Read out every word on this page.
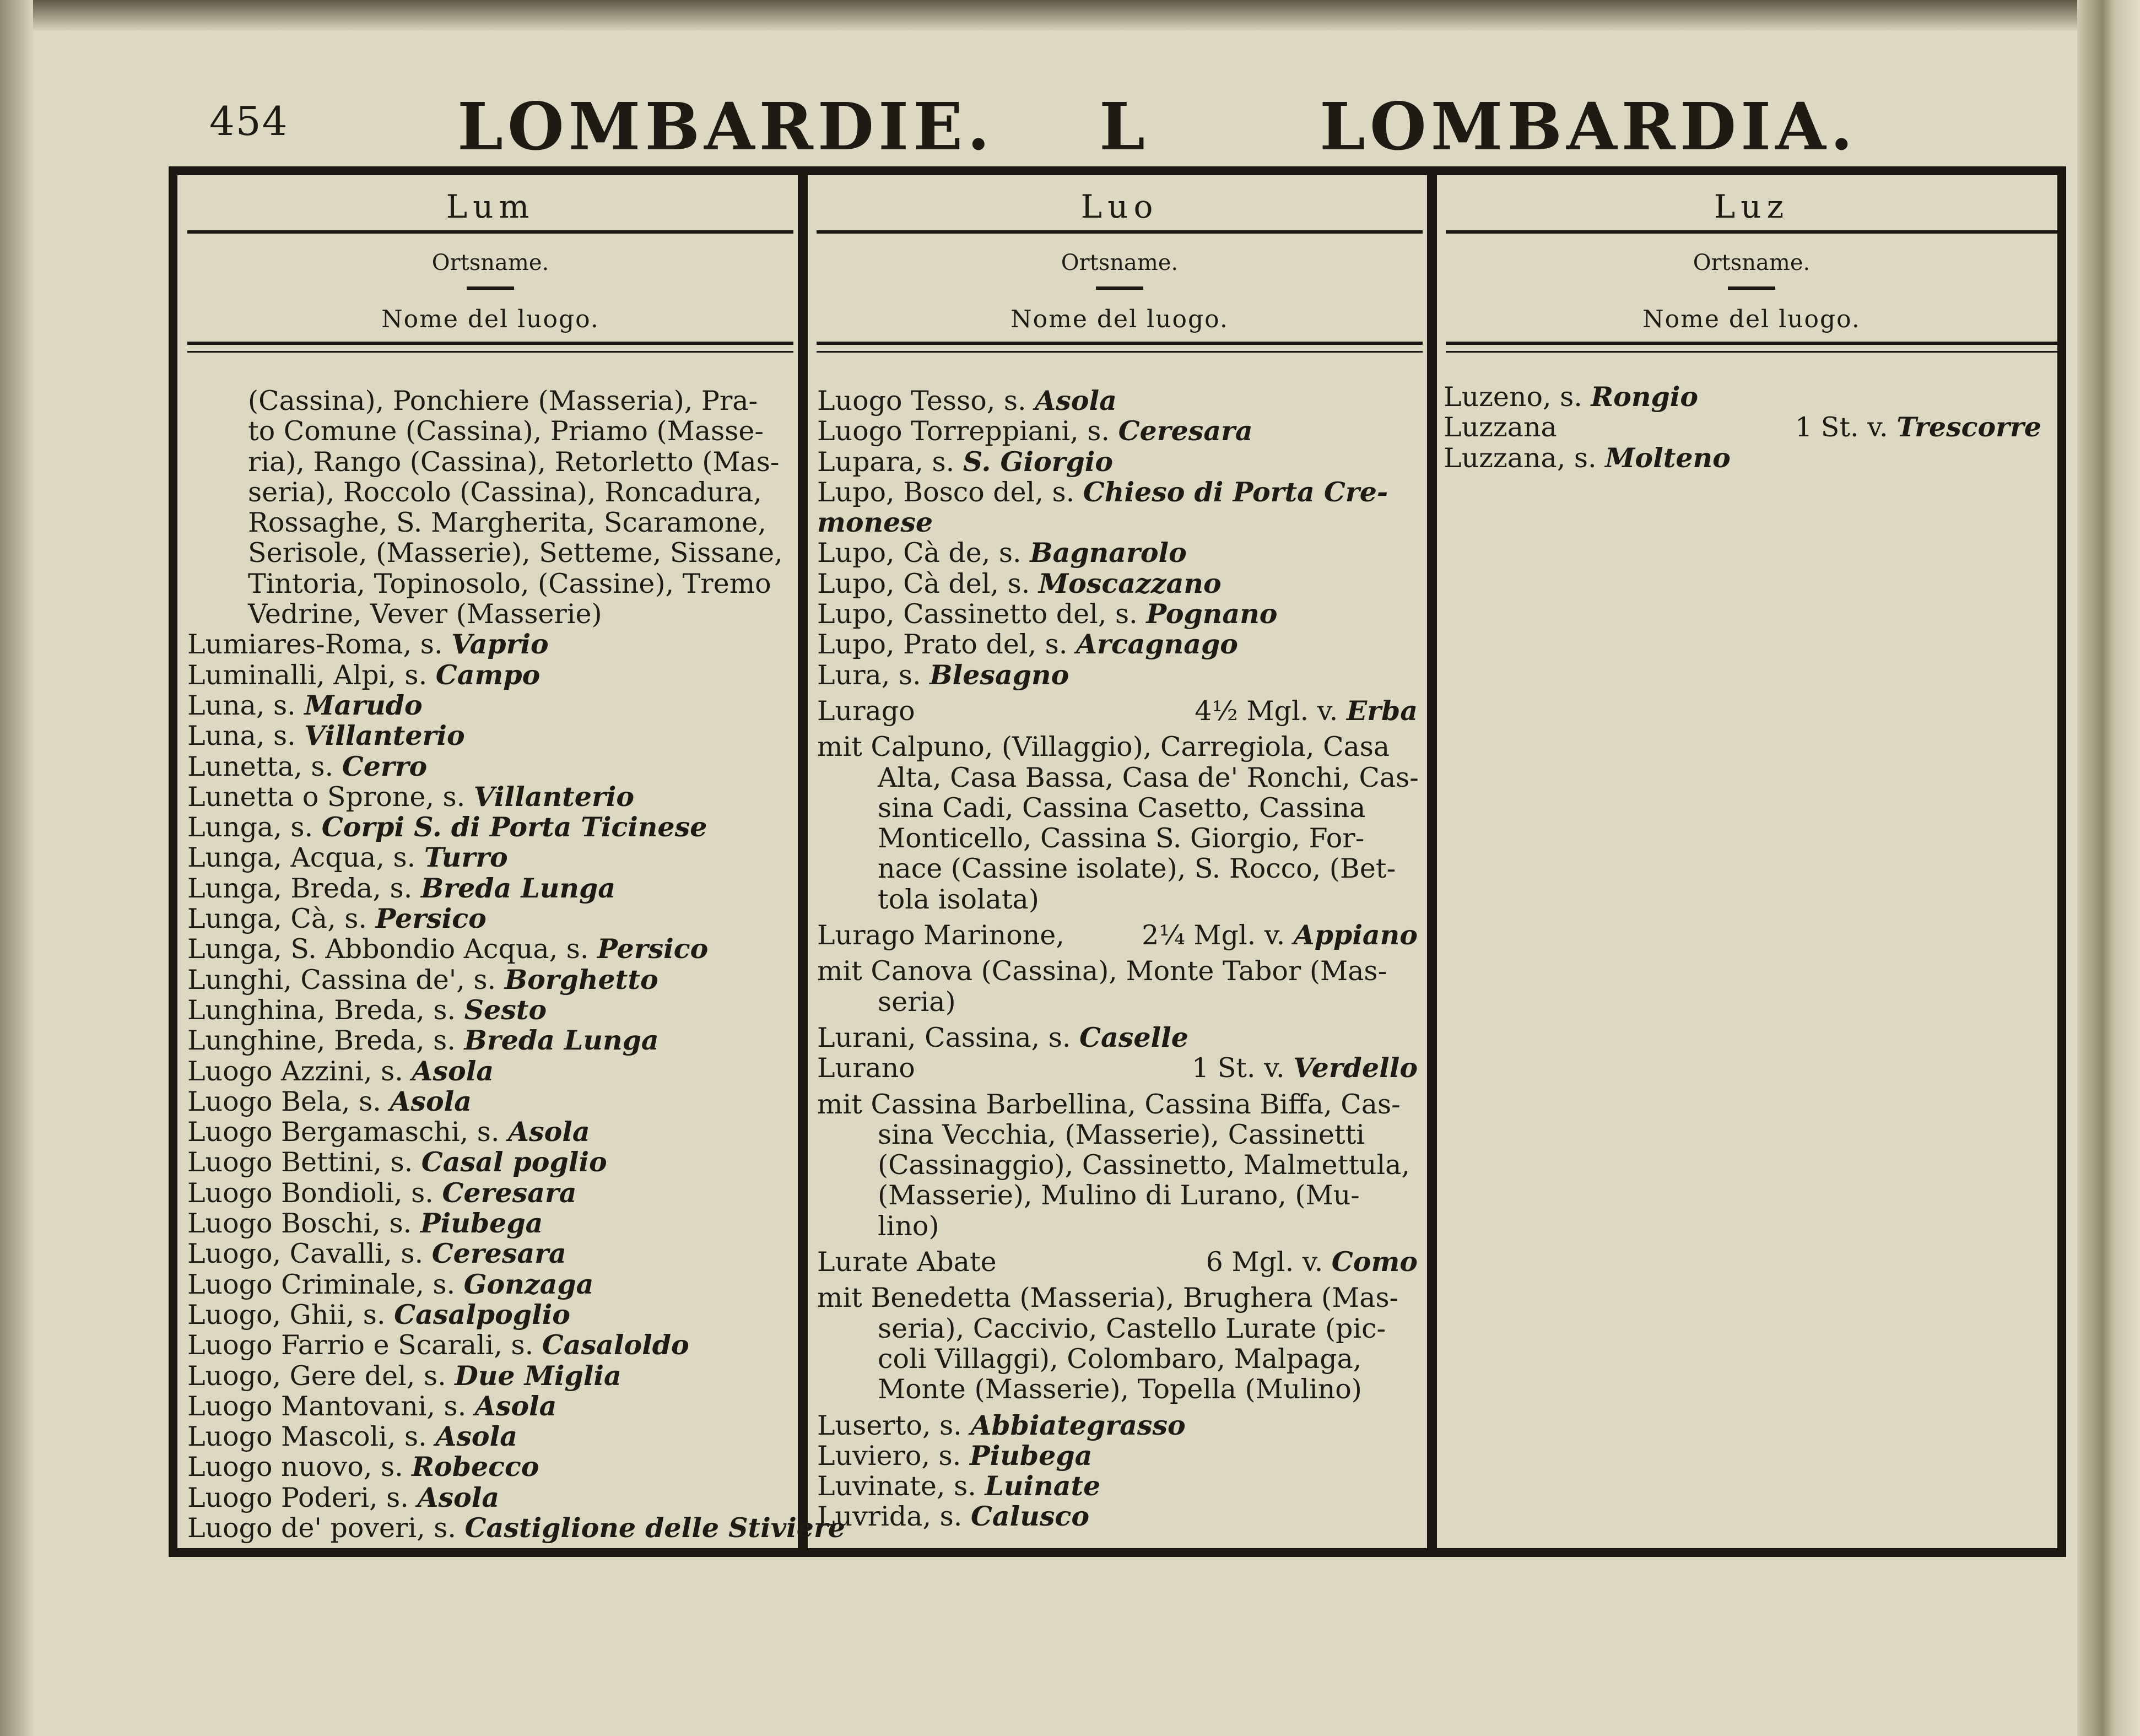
454	LOMBARDIE. L	LOMBARDIA.
Lum
Ortsname.
Nome del luogo.
Luo
Ortsname.
Nome del luogo.
Luz
Ortsname.
Nome del luogo.
(Cassina), Ponchiere (Masseria), Pra-
to Comune (Cassina), Priamo (Masse-
ria), Rango (Cassina), Retorletto (Mas-
seria), Roccolo (Cassina), Roncadura,
Rossaghe, S. Margherita, Scaramone,
Serisole, (Masserie), Setteme, Sissane,
Tintoria, Topinosolo, (Cassine), Tremo
Vedrine, Vever (Masserie)
Lumiares-Roma, s. Vaprio
Luminalli, Alpi, s. Campo
Luna, s. Marudo
Luna, s. Villanterio
Lunetta, s. Cerro
Lunetta o Sprone, s. Villanterio
Lunga, s. Corpi S. di Porta Ticinese
Lunga, Acqua, s. Turro
Lunga, Breda, s. Breda Lunga
Lunga, Cà, s. Persico
Lunga, S. Abbondio Acqua, s. Persico
Lunghi, Cassina de', s. Borghetto
Lunghina, Breda, s. Sesto
Lunghine, Breda, s. Breda Lunga
Luogo Azzini, s. Asola
Luogo Bela, s. Asola
Luogo Bergamaschi, s. Asola
Luogo Bettini, s. Casal poglio
Luogo Bondioli, s. Ceresara
Luogo Boschi, s. Piubega
Luogo, Cavalli, s. Ceresara
Luogo Criminale, s. Gonzaga
Luogo, Ghii, s. Casalpoglio
Luogo Farrio e Scarali, s. Casaloldo
Luogo, Gere del, s. Due Miglia
Luogo Mantovani, s. Asola
Luogo Mascoli, s. Asola
Luogo nuovo, s. Robecco
Luogo Poderi, s. Asola
Luogo de' poveri, s. Castiglione delle Stiviere
Luogo Tesso, s. Asola
Luogo Torreppiani, s. Ceresara
Lupara, s. S. Giorgio
Lupo, Bosco del, s. Chieso di Porta Cre-
monese
Lupo, Cà de, s. Bagnarolo
Lupo, Cà del, s. Moscazzano
Lupo, Cassinetto del, s. Pognano
Lupo, Prato del, s. Arcagnago
Lura, s. Blesagno
Lurago	4½ Mgl. v. Erba
mit Calpuno, (Villaggio), Carregiola, Casa
Alta, Casa Bassa, Casa de' Ronchi, Cas-
sina Cadi, Cassina Casetto, Cassina
Monticello, Cassina S. Giorgio, For-
nace (Cassine isolate), S. Rocco, (Bet-
tola isolata)
Lurago Marinone,	2¼ Mgl. v. Appiano
mit Canova (Cassina), Monte Tabor (Mas-
seria)
Lurani, Cassina, s. Caselle
Lurano	1 St. v. Verdello
mit Cassina Barbellina, Cassina Biffa, Cas-
sina Vecchia, (Masserie), Cassinetti
(Cassinaggio), Cassinetto, Malmettula,
(Masserie), Mulino di Lurano, (Mu-
lino)
Lurate Abate	6 Mgl. v. Como
mit Benedetta (Masseria), Brughera (Mas-
seria), Caccivio, Castello Lurate (pic-
coli Villaggi), Colombaro, Malpaga,
Monte (Masserie), Topella (Mulino)
Luserto, s. Abbiategrasso
Luviero, s. Piubega
Luvinate, s. Luinate
Luvrida, s. Calusco
Luzeno, s. Rongio
Luzzana	1 St. v. Trescorre
Luzzana, s. Molteno
